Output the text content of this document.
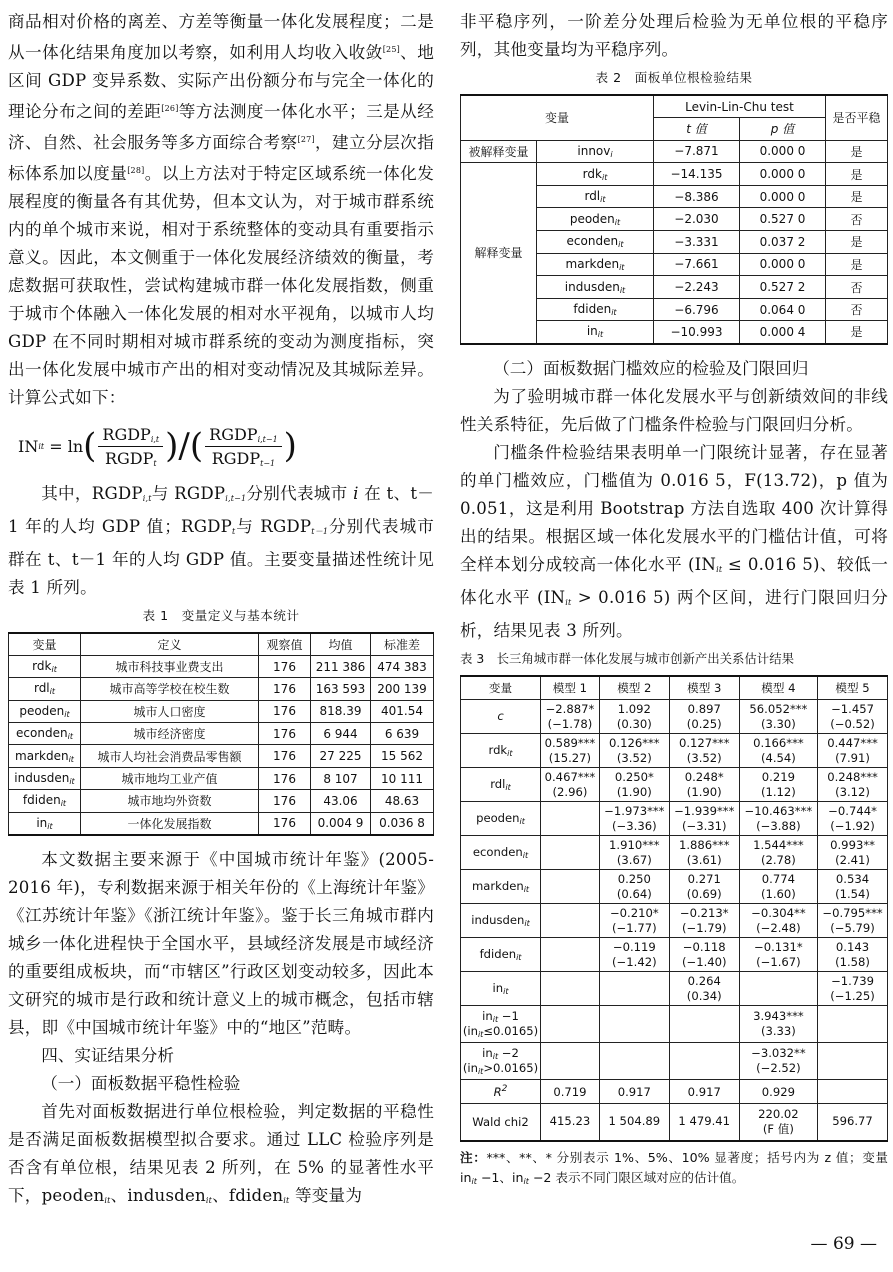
商品相对价格的离差、方差等衡量一体化发展程度；二是从一体化结果角度加以考察，如利用人均收入收敛[25]、地区间 GDP 变异系数、实际产出份额分布与完全一体化的理论分布之间的差距[26]等方法测度一体化水平；三是从经济、自然、社会服务等多方面综合考察[27]，建立分层次指标体系加以度量[28]。以上方法对于特定区域系统一体化发展程度的衡量各有其优势，但本文认为，对于城市群系统内的单个城市来说，相对于系统整体的变动具有重要指示意义。因此，本文侧重于一体化发展经济绩效的衡量，考虑数据可获取性，尝试构建城市群一体化发展指数，侧重于城市个体融入一体化发展的相对水平视角，以城市人均 GDP 在不同时期相对城市群系统的变动为测度指标，突出一体化发展中城市产出的相对变动情况及其城际差异。计算公式如下：

IN it
= ln ( $\frac{RGDP_{i,t}}{RGDP_t}$ ) / ( $\frac{RGDP_{i,t-1}}{RGDP_{t-1}}$ )

其中，$RGDP_{i,t}$与 $RGDP_{i,t-1}$分别代表城市 i 在 t、t－1 年的人均 GDP 值；$RGDP_t$与 $RGDP_{t-1}$分别代表城市群在 t、t－1 年的人均 GDP 值。主要变量描述性统计见表 1 所列。

表 1　变量定义与基本统计
变量	定义	观察值	均值	标准差
rdk$_{it}$	城市科技事业费支出	176	211 386	474 383
rdl$_{it}$	城市高等学校在校生数	176	163 593	200 139
peoden$_{it}$	城市人口密度	176	818.39	401.54
econden$_{it}$	城市经济密度	176	6 944	6 639
markden$_{it}$	城市人均社会消费品零售额	176	27 225	15 562
indusden$_{it}$	城市地均工业产值	176	8 107	10 111
fdiden$_{it}$	城市地均外资数	176	43.06	48.63
$in_{it}$	一体化发展指数	176	0.004 9	0.036 8

本文数据主要来源于《中国城市统计年鉴》(2005-2016 年)，专利数据来源于相关年份的《上海统计年鉴》《江苏统计年鉴》《浙江统计年鉴》。鉴于长三角城市群内城乡一体化进程快于全国水平，县域经济发展是市域经济的重要组成板块，而“市辖区”行政区划变动较多，因此本文研究的城市是行政和统计意义上的城市概念，包括市辖县，即《中国城市统计年鉴》中的“地区”范畴。

四、实证结果分析

（一）面板数据平稳性检验

首先对面板数据进行单位根检验，判定数据的平稳性是否满足面板数据模型拟合要求。通过 LLC 检验序列是否含有单位根，结果见表 2 所列，在 5% 的显著性水平下，peoden$_{it}$、indusden$_{it}$、fdiden$_{it}$ 等变量为

非平稳序列，一阶差分处理后检验为无单位根的平稳序列，其他变量均为平稳序列。

表 2　面板单位根检验结果
变量		Levin-Lin-Chu test		是否平稳
		t 值	p 值	
被解释变量	innov$_i$	−7.871	0.000 0	是
解释变量	rdk$_{it}$	−14.135	0.000 0	是
	rdl$_{it}$	−8.386	0.000 0	是
	peoden$_{it}$	−2.030	0.527 0	否
	econden$_{it}$	−3.331	0.037 2	是
	markden$_{it}$	−7.661	0.000 0	是
	indusden$_{it}$	−2.243	0.527 2	否
	fdiden$_{it}$	−6.796	0.064 0	否
	$in_{it}$	−10.993	0.000 4	是

（二）面板数据门槛效应的检验及门限回归

为了验明城市群一体化发展水平与创新绩效间的非线性关系特征，先后做了门槛条件检验与门限回归分析。

门槛条件检验结果表明单一门限统计显著，存在显著的单门槛效应，门槛值为 0.016 5，F(13.72)，p 值为 0.051，这是利用 Bootstrap 方法自选取 400 次计算得出的结果。根据区域一体化发展水平的门槛估计值，可将全样本划分成较高一体化水平 ($IN_{it} \le 0.016$ 5)、较低一体化水平 ($IN_{it} > 0.016$ 5) 两个区间，进行门限回归分析，结果见表 3 所列。

表 3　长三角城市群一体化发展与城市创新产出关系估计结果
变量	模型 1	模型 2	模型 3	模型 4	模型 5
c	−2.887*
(−1.78)	1.092
(0.30)	0.897
(0.25)	56.052***
(3.30)	−1.457
(−0.52)
rdk$_{it}$	0.589***
(15.27)	0.126***
(3.52)	0.127***
(3.52)	0.166***
(4.54)	0.447***
(7.91)
rdl$_{it}$	0.467***
(2.96)	0.250*
(1.90)	0.248*
(1.90)	0.219
(1.12)	0.248***
(3.12)
peoden$_{it}$		−1.973***
(−3.36)	−1.939***
(−3.31)	−10.463***
(−3.88)	−0.744*
(−1.92)
econden$_{it}$		1.910***
(3.67)	1.886***
(3.61)	1.544***
(2.78)	0.993**
(2.41)
markden$_{it}$		0.250
(0.64)	0.271
(0.69)	0.774
(1.60)	0.534
(1.54)
indusden$_{it}$		−0.210*
(−1.77)	−0.213*
(−1.79)	−0.304**
(−2.48)	−0.795***
(−5.79)
fdiden$_{it}$		−0.119
(−1.42)	−0.118
(−1.40)	−0.131*
(−1.67)	0.143
(1.58)
$in_{it}$			0.264
(0.34)		−1.739
(−1.25)
$in_{it} -1$
$(in_{it}\le 0.0165)$				3.943***
(3.33)	

$in_{it} -2$
$(in_{it}>0.0165)$				−3.032**
(−2.52)	

$R^2$	0.719	0.917	0.917	0.929	
Wald chi2	415.23	1 504.89	1 479.41	220.02
(F 值)	596.77

注：***、**、* 分别表示 1%、5%、10% 显著度；括号内为 z 值；变量 $in_{it} -1$、$in_{it} -2$ 表示不同门限区域对应的估计值。

— 69 —
